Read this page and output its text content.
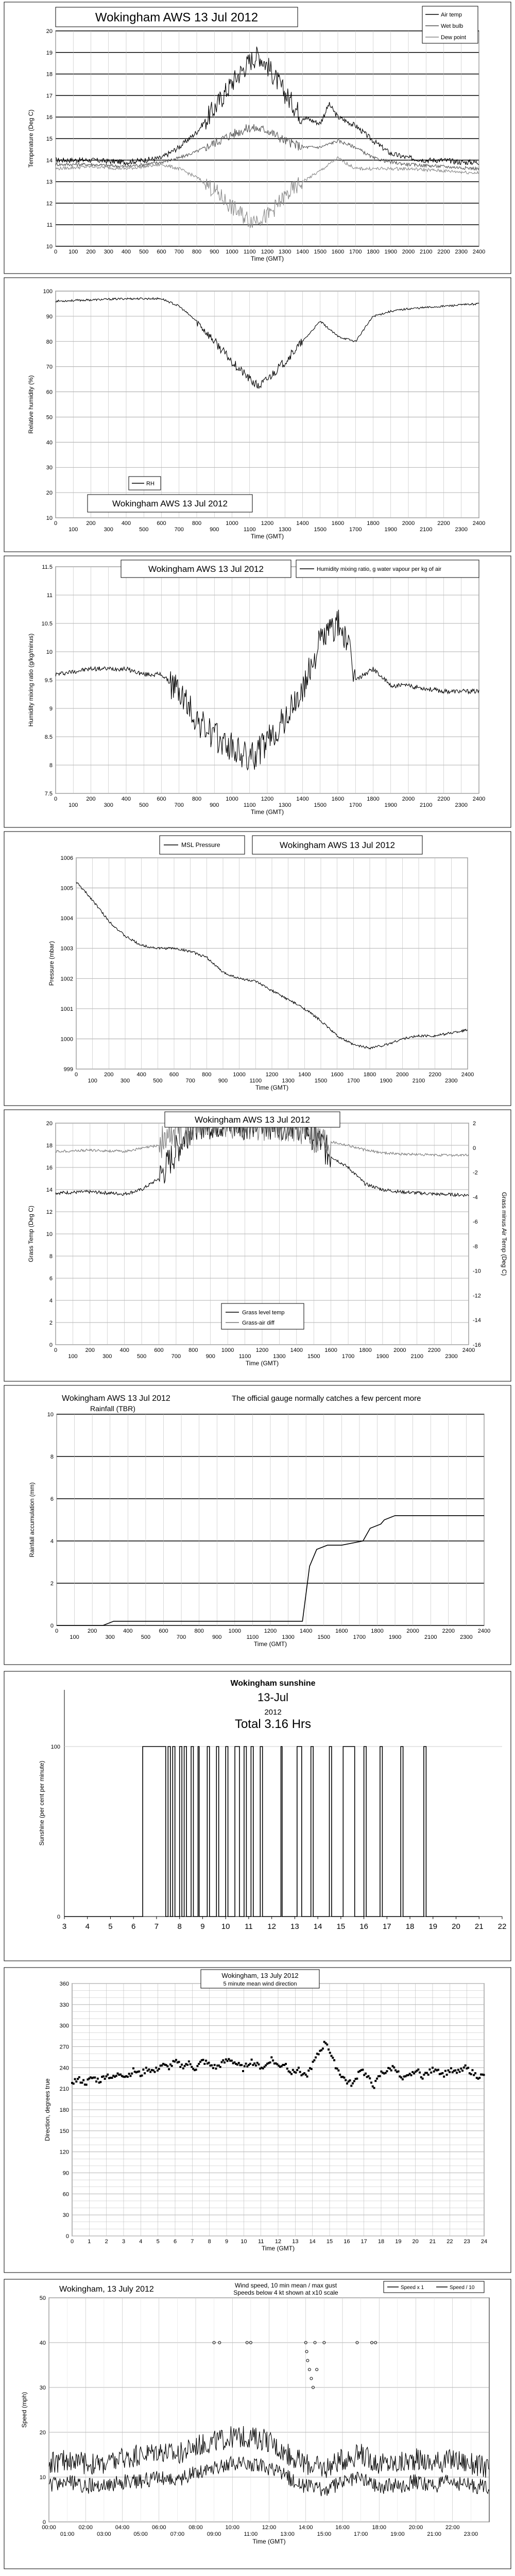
10
11
12
13
14
15
16
17
18
19
20
0 100 200 300 400 500 600 700 800 900 1000 1100 1200 1300 1400 1500 1600 1700 1800 1900 2000 2100 2200 2300 2400
Time (GMT)
Temperature (Deg C)
Wokingham AWS 13 Jul 2012	Air temp
Wet bulb
Dew point
10
20
30
40
50
60
70
80
90
100
0
100
200
300
400
500
600
700
800
900
1000
1100
1200
1300
1400
1500
1600
1700
1800
1900
2000
2100
2200
2300
2400
Time (GMT)
Relative humidity (%)
RH
Wokingham AWS 13 Jul 2012
7.5
8
8.5
9
9.5
10
10.5
11
11.5
0
100
200
300
400
500
600
700
800
900
1000
1100
1200
1300
1400
1500
1600
1700
1800
1900
2000
2100
2200
2300
2400
Time (GMT)
Humidity mixing ratio (g/kg/minus)
Wokingham AWS 13 Jul 2012	Humidity mixing ratio, g water vapour per kg of air
999
1000
1001
1002
1003
1004
1005
1006
0
100
200
300
400
500
600
700
800
900
1000
1100
1200
1300
1400
1500
1600
1700
1800
1900
2000
2100
2200
2300
2400
Time (GMT)
Pressure (mbar)
MSL Pressure	Wokingham AWS 13 Jul 2012
0
2
4
6
8
10
12
14
16
18
20
0
100
200
300
400
500
600
700
800
900
1000
1100
1200
1300
1400
1500
1600
1700
1800
1900
2000
2100
2200
2300
2400
Time (GMT)
Grass Temp (Deg C)
-16
-14
-12
-10
-8
-6
-4
-2
0
2
Grass minus Air Temp (Deg C)
Wokingham AWS 13 Jul 2012
Grass level temp
Grass-air diff
0
2
4
6
8
10
0
100
200
300
400
500
600
700
800
900
1000
1100
1200
1300
1400
1500
1600
1700
1800
1900
2000
2100
2200
2300
2400
Time (GMT)
Rainfall accumulation (mm)
Wokingham AWS 13 Jul 2012
Rainfall (TBR)
The official gauge normally catches a few percent more
100
0
3 4 5 6 7 8 9 10 11 12 13 14 15 16 17 18 19 20 21 22
Sunshine (per cent per minute)
Wokingham sunshine
13-Jul
2012
Total 3.16 Hrs
0
30
60
90
120
150
180
210
240
270
300
330
360
0 1 2 3 4 5 6 7 8 9 10 11 12 13 14 15 16 17 18 19 20 21 22 23 24
Time (GMT)
Direction, degrees true
Wokingham, 13 July 2012
5 minute mean wind direction
0
10
20
30
40
50
Speed (mph)
00:00	02:00	04:00	06:00	08:00	10:00	12:00	14:00	16:00	18:00	20:00	22:00
01:00	03:00	05:00	07:00	09:00	11:00	13:00	15:00	17:00	19:00	21:00	23:00
Time (GMT)
Wokingham, 13 July 2012	Wind speed, 10 min mean / max gust
Speeds below 4 kt shown at x10 scale
Speed x 1	Speed / 10
